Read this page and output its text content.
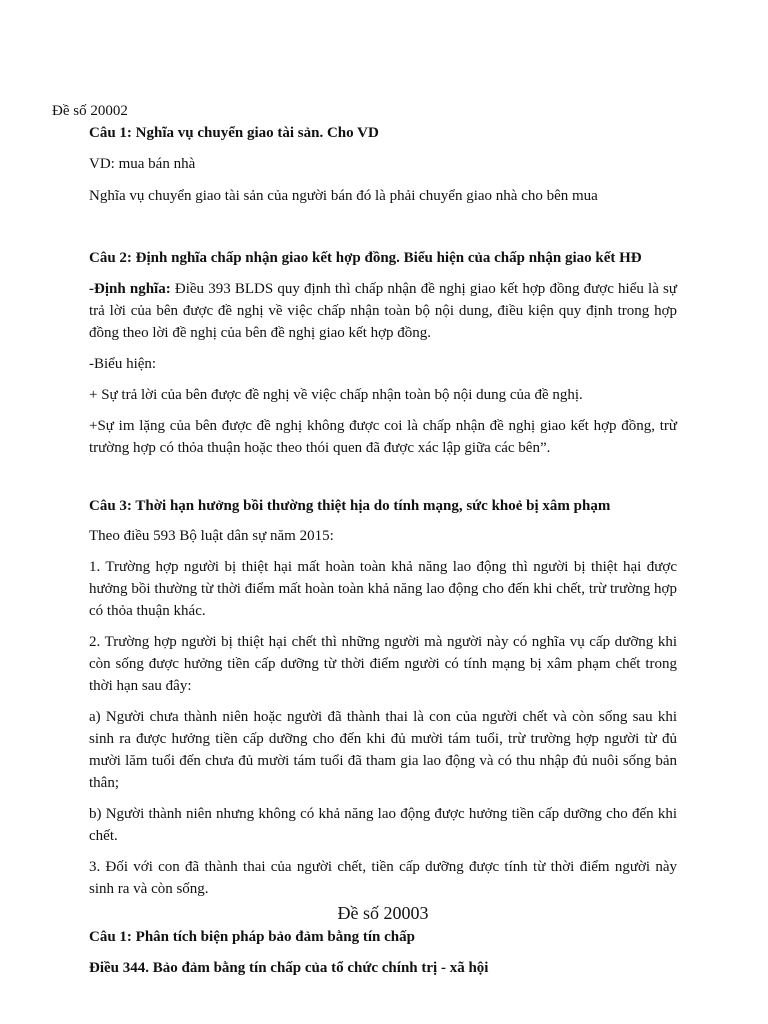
Đề số 20002

Câu 1: Nghĩa vụ chuyển giao tài sản. Cho VD

VD: mua bán nhà

Nghĩa vụ chuyển giao tài sản của người bán đó là phải chuyển giao nhà cho bên mua

Câu 2: Định nghĩa chấp nhận giao kết hợp đồng. Biểu hiện của chấp nhận giao kết HĐ

-Định nghĩa: Điều 393 BLDS quy định thì chấp nhận đề nghị giao kết hợp đồng được hiểu là sự trả lời của bên được đề nghị về việc chấp nhận toàn bộ nội dung, điều kiện quy định trong hợp đồng theo lời đề nghị của bên đề nghị giao kết hợp đồng.

-Biểu hiện:

+ Sự trả lời của bên được đề nghị về việc chấp nhận toàn bộ nội dung của đề nghị.

+Sự im lặng của bên được đề nghị không được coi là chấp nhận đề nghị giao kết hợp đồng, trừ trường hợp có thỏa thuận hoặc theo thói quen đã được xác lập giữa các bên”.

Câu 3: Thời hạn hưởng bồi thường thiệt hịa do tính mạng, sức khoẻ bị xâm phạm

Theo điều 593 Bộ luật dân sự năm 2015:

1. Trường hợp người bị thiệt hại mất hoàn toàn khả năng lao động thì người bị thiệt hại được hưởng bồi thường từ thời điểm mất hoàn toàn khả năng lao động cho đến khi chết, trừ trường hợp có thỏa thuận khác.

2. Trường hợp người bị thiệt hại chết thì những người mà người này có nghĩa vụ cấp dưỡng khi còn sống được hưởng tiền cấp dưỡng từ thời điểm người có tính mạng bị xâm phạm chết trong thời hạn sau đây:

a) Người chưa thành niên hoặc người đã thành thai là con của người chết và còn sống sau khi sinh ra được hưởng tiền cấp dưỡng cho đến khi đủ mười tám tuổi, trừ trường hợp người từ đủ mười lăm tuổi đến chưa đủ mười tám tuổi đã tham gia lao động và có thu nhập đủ nuôi sống bản thân;

b) Người thành niên nhưng không có khả năng lao động được hưởng tiền cấp dưỡng cho đến khi chết.

3. Đối với con đã thành thai của người chết, tiền cấp dưỡng được tính từ thời điểm người này sinh ra và còn sống.

Đề số 20003

Câu 1: Phân tích biện pháp bảo đảm bằng tín chấp

Điều 344. Bảo đảm bằng tín chấp của tổ chức chính trị - xã hội
